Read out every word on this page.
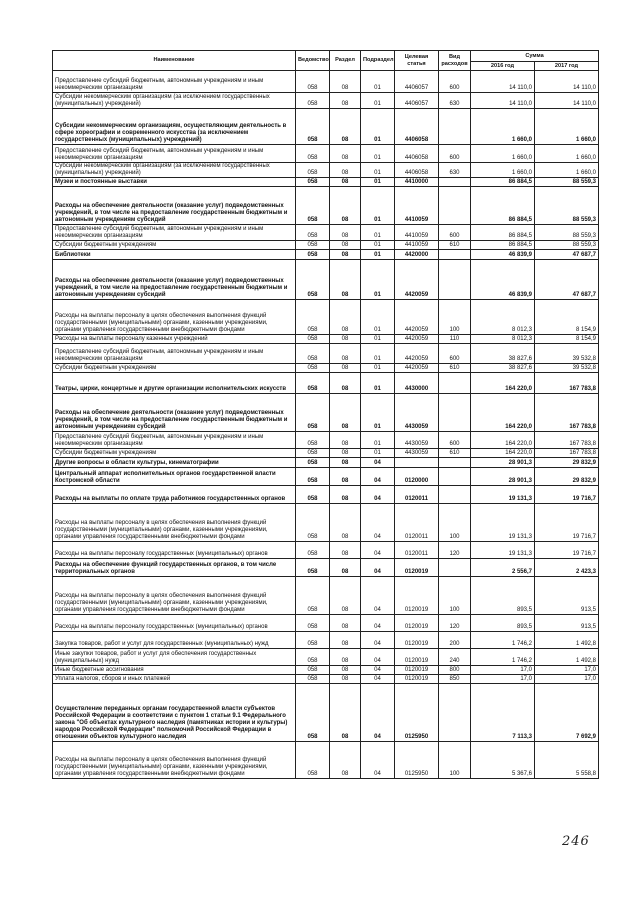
Наименование	Ведомство	Раздел	Подраздел	Целевая статья	Вид расходов	Сумма	
						2016 год	2017 год
Предоставление субсидий бюджетным, автономным учреждениям и иным некоммерческим организациям	058	08	01	4406057	600	14 110,0	14 110,0
Субсидии некоммерческим организациям (за исключением государственных (муниципальных) учреждений)	058	08	01	4406057	630	14 110,0	14 110,0
Субсидии некоммерческим организациям, осуществляющим деятельность в сфере хореографии и современного искусства (за исключением государственных (муниципальных) учреждений)	058	08	01	4406058		1 660,0	1 660,0
Предоставление субсидий бюджетным, автономным учреждениям и иным некоммерческим организациям	058	08	01	4406058	600	1 660,0	1 660,0
Субсидии некоммерческим организациям (за исключением государственных (муниципальных) учреждений)	058	08	01	4406058	630	1 660,0	1 660,0
Музеи и постоянные выставки	058	08	01	4410000		86 884,5	88 559,3
Расходы на обеспечение деятельности (оказание услуг) подведомственных учреждений, в том числе на предоставление государственным бюджетным и автономным учреждениям субсидий	058	08	01	4410059		86 884,5	88 559,3
Предоставление субсидий бюджетным, автономным учреждениям и иным некоммерческим организациям	058	08	01	4410059	600	86 884,5	88 559,3
Субсидии бюджетным учреждениям	058	08	01	4410059	610	86 884,5	88 559,3
Библиотеки	058	08	01	4420000		46 839,9	47 687,7
Расходы на обеспечение деятельности (оказание услуг) подведомственных учреждений, в том числе на предоставление государственным бюджетным и автономным учреждениям субсидий	058	08	01	4420059		46 839,9	47 687,7
Расходы на выплаты персоналу в целях обеспечения выполнения функций государственными (муниципальными) органами, казенными учреждениями, органами управления государственными внебюджетными фондами	058	08	01	4420059	100	8 012,3	8 154,9
Расходы на выплаты персоналу казенных учреждений	058	08	01	4420059	110	8 012,3	8 154,9
Предоставление субсидий бюджетным, автономным учреждениям и иным некоммерческим организациям	058	08	01	4420059	600	38 827,6	39 532,8
Субсидии бюджетным учреждениям	058	08	01	4420059	610	38 827,6	39 532,8
Театры, цирки, концертные и другие организации исполнительских искусств	058	08	01	4430000		164 220,0	167 783,8
Расходы на обеспечение деятельности (оказание услуг) подведомственных учреждений, в том числе на предоставление государственным бюджетным и автономным учреждениям субсидий	058	08	01	4430059		164 220,0	167 783,8
Предоставление субсидий бюджетным, автономным учреждениям и иным некоммерческим организациям	058	08	01	4430059	600	164 220,0	167 783,8
Субсидии бюджетным учреждениям	058	08	01	4430059	610	164 220,0	167 783,8
Другие вопросы в области культуры, кинематографии	058	08	04			28 901,3	29 832,9
Центральный аппарат исполнительных органов государственной власти Костромской области	058	08	04	0120000		28 901,3	29 832,9
Расходы на выплаты по оплате труда работников государственных органов	058	08	04	0120011		19 131,3	19 716,7
Расходы на выплаты персоналу в целях обеспечения выполнения функций государственными (муниципальными) органами, казенными учреждениями, органами управления государственными внебюджетными фондами	058	08	04	0120011	100	19 131,3	19 716,7
Расходы на выплаты персоналу государственных (муниципальных) органов	058	08	04	0120011	120	19 131,3	19 716,7
Расходы на обеспечение функций государственных органов, в том числе территориальных органов	058	08	04	0120019		2 556,7	2 423,3
Расходы на выплаты персоналу в целях обеспечения выполнения функций государственными (муниципальными) органами, казенными учреждениями, органами управления государственными внебюджетными фондами	058	08	04	0120019	100	893,5	913,5
Расходы на выплаты персоналу государственных (муниципальных) органов	058	08	04	0120019	120	893,5	913,5
Закупка товаров, работ и услуг для государственных (муниципальных) нужд	058	08	04	0120019	200	1 746,2	1 492,8
Иные закупки товаров, работ и услуг для обеспечения государственных (муниципальных) нужд	058	08	04	0120019	240	1 746,2	1 492,8
Иные бюджетные ассигнования	058	08	04	0120019	800	17,0	17,0
Уплата налогов, сборов и иных платежей	058	08	04	0120019	850	17,0	17,0
Осуществление переданных органам государственной власти субъектов Российской Федерации в соответствии с пунктом 1 статьи 9.1 Федерального закона "Об объектах культурного наследия (памятниках истории и культуры) народов Российской Федерации" полномочий Российской Федерации в отношении объектов культурного наследия	058	08	04	0125950		7 113,3	7 692,9
Расходы на выплаты персоналу в целях обеспечения выполнения функций государственными (муниципальными) органами, казенными учреждениями, органами управления государственными внебюджетными фондами	058	08	04	0125950	100	5 367,6	5 558,8
246
